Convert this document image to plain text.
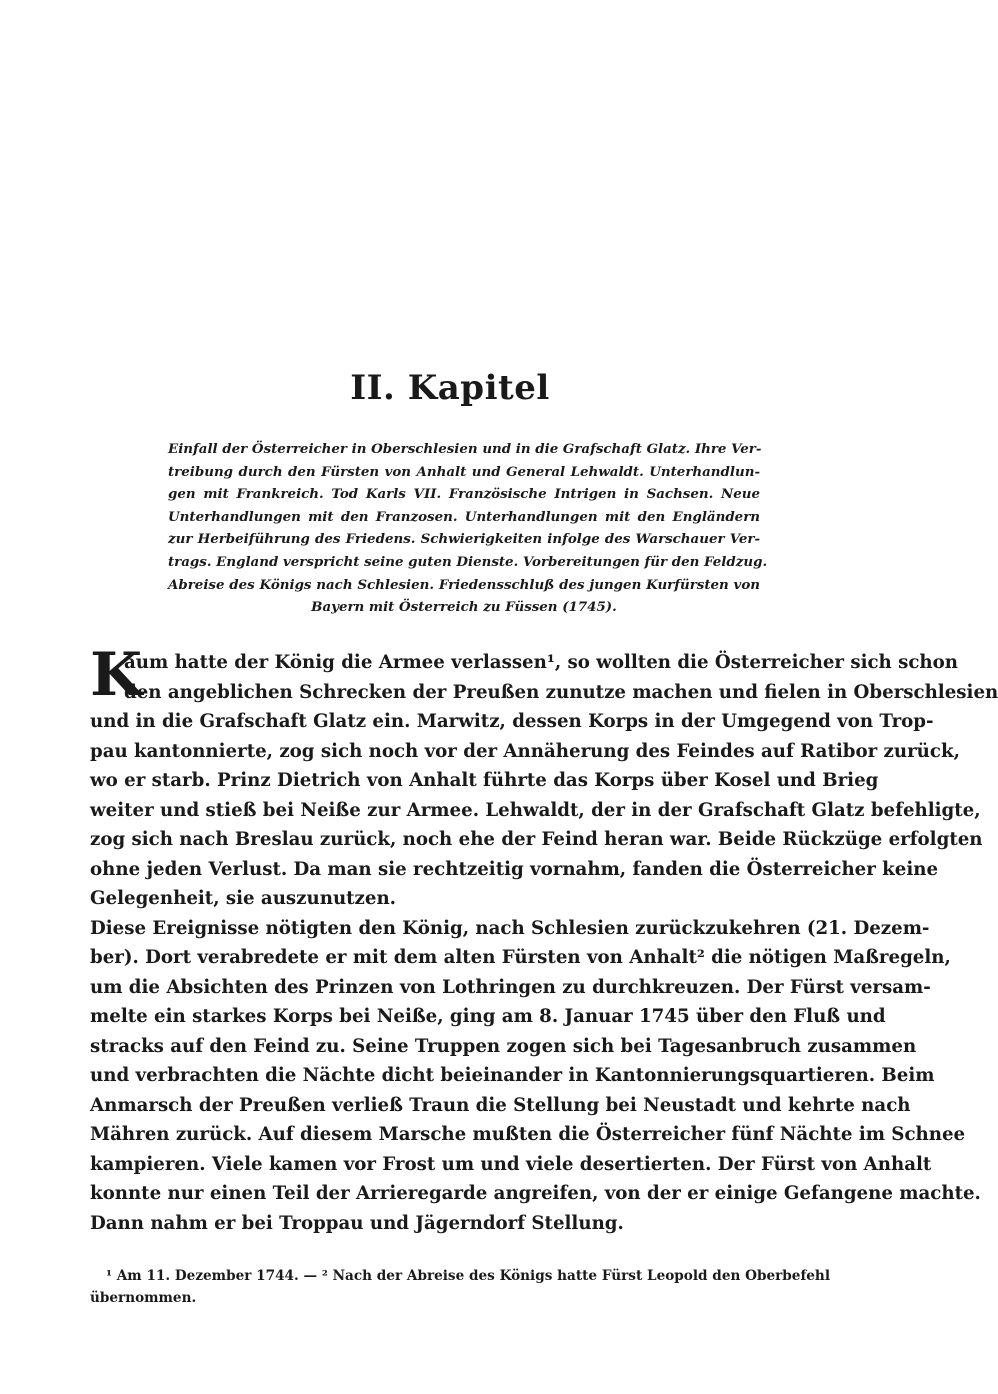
II. Kapitel
Einfall der Österreicher in Oberschlesien und in die Grafschaft Glatz. Ihre Ver-
treibung durch den Fürsten von Anhalt und General Lehwaldt. Unterhandlun-
gen mit Frankreich. Tod Karls VII. Französische Intrigen in Sachsen. Neue
Unterhandlungen mit den Franzosen. Unterhandlungen mit den Engländern
zur Herbeiführung des Friedens. Schwierigkeiten infolge des Warschauer Ver-
trags. England verspricht seine guten Dienste. Vorbereitungen für den Feldzug.
Abreise des Königs nach Schlesien. Friedensschluß des jungen Kurfürsten von
Bayern mit Österreich zu Füssen (1745).
K
aum hatte der König die Armee verlassen¹, so wollten die Österreicher sich schon
den angeblichen Schrecken der Preußen zunutze machen und fielen in Oberschlesien
und in die Grafschaft Glatz ein. Marwitz, dessen Korps in der Umgegend von Trop-
pau kantonnierte, zog sich noch vor der Annäherung des Feindes auf Ratibor zurück,
wo er starb. Prinz Dietrich von Anhalt führte das Korps über Kosel und Brieg
weiter und stieß bei Neiße zur Armee. Lehwaldt, der in der Grafschaft Glatz befehligte,
zog sich nach Breslau zurück, noch ehe der Feind heran war. Beide Rückzüge erfolgten
ohne jeden Verlust. Da man sie rechtzeitig vornahm, fanden die Österreicher keine
Gelegenheit, sie auszunutzen.
Diese Ereignisse nötigten den König, nach Schlesien zurückzukehren (21. Dezem-
ber). Dort verabredete er mit dem alten Fürsten von Anhalt² die nötigen Maßregeln,
um die Absichten des Prinzen von Lothringen zu durchkreuzen. Der Fürst versam-
melte ein starkes Korps bei Neiße, ging am 8. Januar 1745 über den Fluß und
stracks auf den Feind zu. Seine Truppen zogen sich bei Tagesanbruch zusammen
und verbrachten die Nächte dicht beieinander in Kantonnierungsquartieren. Beim
Anmarsch der Preußen verließ Traun die Stellung bei Neustadt und kehrte nach
Mähren zurück. Auf diesem Marsche mußten die Österreicher fünf Nächte im Schnee
kampieren. Viele kamen vor Frost um und viele desertierten. Der Fürst von Anhalt
konnte nur einen Teil der Arrieregarde angreifen, von der er einige Gefangene machte.
Dann nahm er bei Troppau und Jägerndorf Stellung.
¹ Am 11. Dezember 1744. — ² Nach der Abreise des Königs hatte Fürst Leopold den Oberbefehl
übernommen.
